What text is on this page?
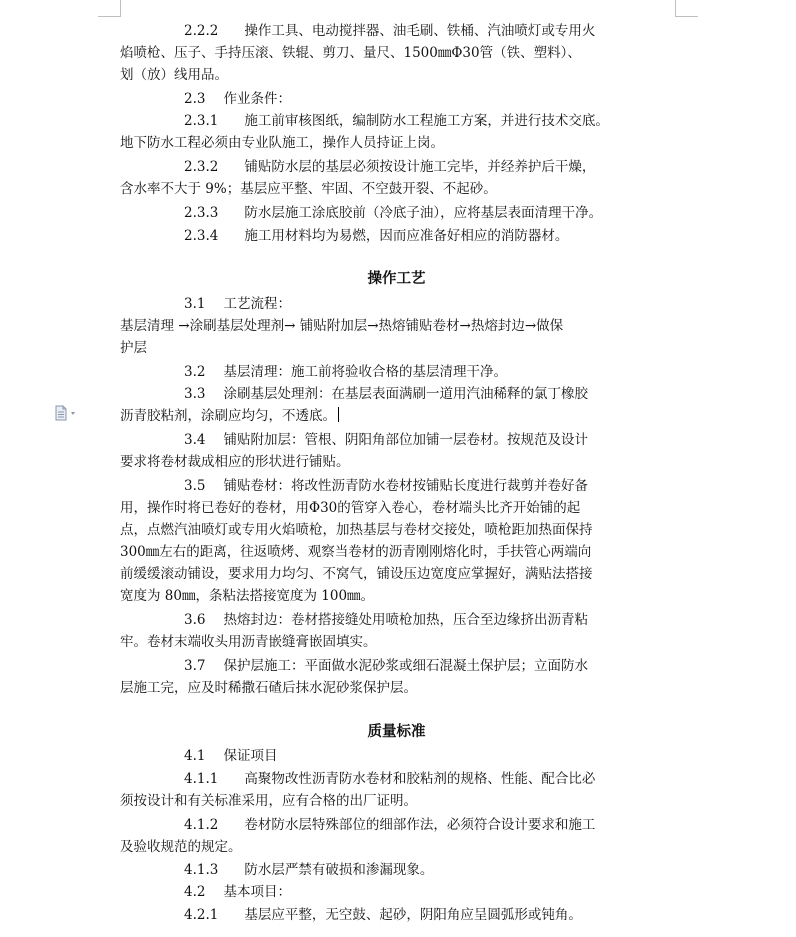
2.2.2 操作工具、电动搅拌器、油毛刷、铁桶、汽油喷灯或专用火
焰喷枪、压子、手持压滚、铁辊、剪刀、量尺、1500㎜Φ30管（铁、塑料）、
划（放）线用品。
2.3 作业条件：
2.3.1 施工前审核图纸，编制防水工程施工方案，并进行技术交底。
地下防水工程必须由专业队施工，操作人员持证上岗。
2.3.2 铺贴防水层的基层必须按设计施工完毕，并经养护后干燥，
含水率不大于 9%；基层应平整、牢固、不空鼓开裂、不起砂。
2.3.3 防水层施工涂底胶前（冷底子油），应将基层表面清理干净。
2.3.4 施工用材料均为易燃，因而应准备好相应的消防器材。
操作工艺
3.1 工艺流程：
基层清理 →涂刷基层处理剂→ 铺贴附加层→热熔铺贴卷材→热熔封边→做保
护层
3.2 基层清理：施工前将验收合格的基层清理干净。
3.3 涂刷基层处理剂：在基层表面满刷一道用汽油稀释的氯丁橡胶
沥青胶粘剂，涂刷应均匀，不透底。
3.4 铺贴附加层：管根、阴阳角部位加铺一层卷材。按规范及设计
要求将卷材裁成相应的形状进行铺贴。
3.5 铺贴卷材：将改性沥青防水卷材按铺贴长度进行裁剪并卷好备
用，操作时将已卷好的卷材，用Φ30的管穿入卷心，卷材端头比齐开始铺的起
点，点燃汽油喷灯或专用火焰喷枪，加热基层与卷材交接处，喷枪距加热面保持
300㎜左右的距离，往返喷烤、观察当卷材的沥青刚刚熔化时，手扶管心两端向
前缓缓滚动铺设，要求用力均匀、不窝气，铺设压边宽度应掌握好，满贴法搭接
宽度为 80㎜，条粘法搭接宽度为 100㎜。
3.6 热熔封边：卷材搭接缝处用喷枪加热，压合至边缘挤出沥青粘
牢。卷材末端收头用沥青嵌缝膏嵌固填实。
3.7 保护层施工：平面做水泥砂浆或细石混凝土保护层；立面防水
层施工完，应及时稀撒石碴后抹水泥砂浆保护层。
质量标准
4.1 保证项目
4.1.1 高聚物改性沥青防水卷材和胶粘剂的规格、性能、配合比必
须按设计和有关标准采用，应有合格的出厂证明。
4.1.2 卷材防水层特殊部位的细部作法，必须符合设计要求和施工
及验收规范的规定。
4.1.3 防水层严禁有破损和渗漏现象。
4.2 基本项目：
4.2.1 基层应平整，无空鼓、起砂，阴阳角应呈圆弧形或钝角。
